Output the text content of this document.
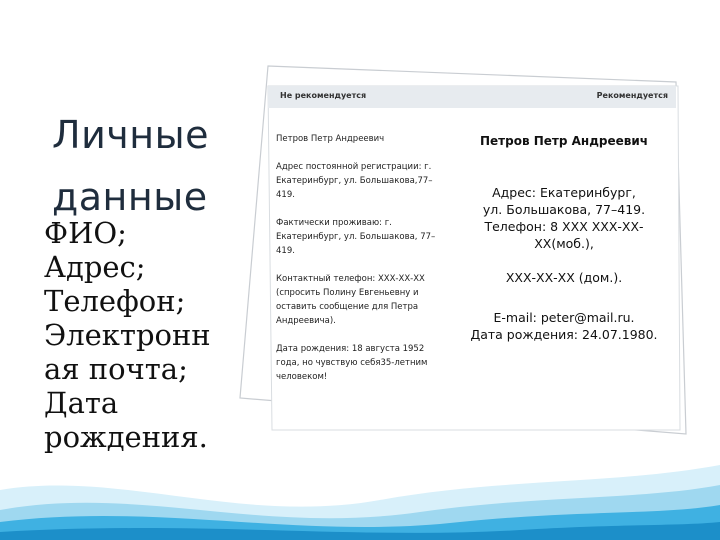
Личные
данные
ФИО;
Адрес;
Телефон;
Электронн
ая почта;
Дата
рождения.
Не рекомендуется	Рекомендуется

Петров Петр Андреевич

Адрес постоянной регистрации: г. Екатеринбург, ул. Большакова,77–419.

Фактически проживаю: г. Екатеринбург, ул. Большакова, 77–419.

Контактный телефон: ХХХ-ХХ-ХХ (спросить Полину Евгеньевну и оставить сообщение для Петра Андреевича).

Дата рождения: 18 августа 1952 года, но чувствую себя35-летним человеком!

Петров Петр Андреевич
Адрес: Екатеринбург,
ул. Большакова, 77–419.
Телефон: 8 ХХХ ХХХ-ХХ-
ХХ(моб.),
ХХХ-ХХ-ХХ (дом.).
E-mail: peter@mail.ru.
Дата рождения: 24.07.1980.
